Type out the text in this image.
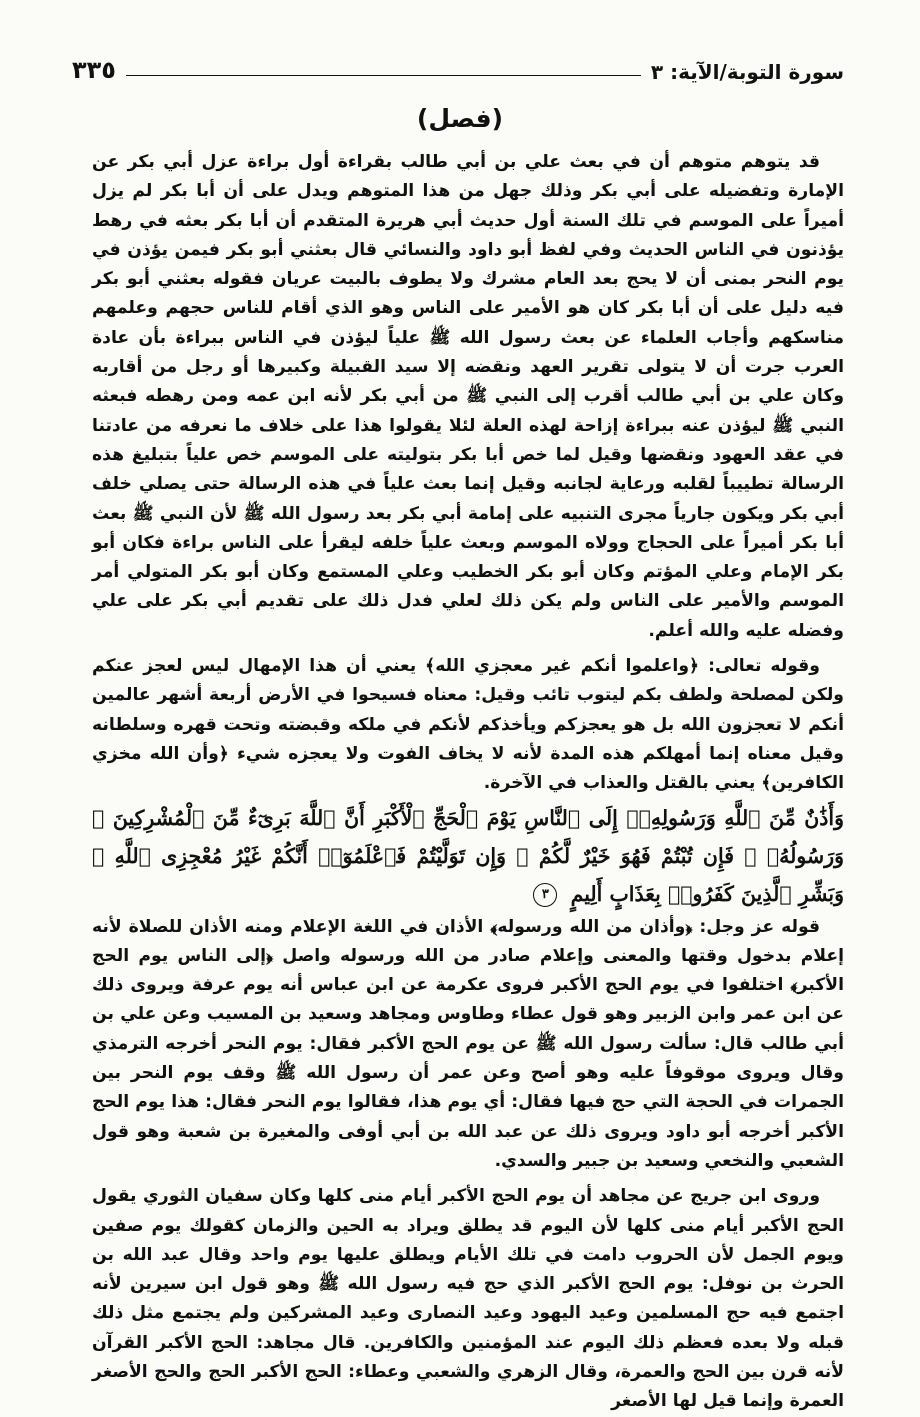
سورة التوبة/الآية: ٣
٣٣٥
(فصل)

قد يتوهم متوهم أن في بعث علي بن أبي طالب بقراءة أول براءة عزل أبي بكر عن الإمارة وتفضيله على أبي بكر وذلك جهل من هذا المتوهم ويدل على أن أبا بكر لم يزل أميراً على الموسم في تلك السنة أول حديث أبي هريرة المتقدم أن أبا بكر بعثه في رهط يؤذنون في الناس الحديث وفي لفظ أبو داود والنسائي قال بعثني أبو بكر فيمن يؤذن في يوم النحر بمنى أن لا يحج بعد العام مشرك ولا يطوف بالبيت عريان فقوله بعثني أبو بكر فيه دليل على أن أبا بكر كان هو الأمير على الناس وهو الذي أقام للناس حجهم وعلمهم مناسكهم وأجاب العلماء عن بعث رسول الله ﷺ علياً ليؤذن في الناس ببراءة بأن عادة العرب جرت أن لا يتولى تقرير العهد ونقضه إلا سيد القبيلة وكبيرها أو رجل من أقاربه وكان علي بن أبي طالب أقرب إلى النبي ﷺ من أبي بكر لأنه ابن عمه ومن رهطه فبعثه النبي ﷺ ليؤذن عنه ببراءة إزاحة لهذه العلة لئلا يقولوا هذا على خلاف ما نعرفه من عادتنا في عقد العهود ونقضها وقيل لما خص أبا بكر بتوليته على الموسم خص علياً بتبليغ هذه الرسالة تطييباً لقلبه ورعاية لجانبه وقيل إنما بعث علياً في هذه الرسالة حتى يصلي خلف أبي بكر ويكون جارياً مجرى التنبيه على إمامة أبي بكر بعد رسول الله ﷺ لأن النبي ﷺ بعث أبا بكر أميراً على الحجاج وولاه الموسم وبعث علياً خلفه ليقرأ على الناس براءة فكان أبو بكر الإمام وعلي المؤتم وكان أبو بكر الخطيب وعلي المستمع وكان أبو بكر المتولي أمر الموسم والأمير على الناس ولم يكن ذلك لعلي فدل ذلك على تقديم أبي بكر على علي وفضله عليه والله أعلم.

وقوله تعالى: ﴿واعلموا أنكم غير معجزي الله﴾ يعني أن هذا الإمهال ليس لعجز عنكم ولكن لمصلحة ولطف بكم ليتوب تائب وقيل: معناه فسيحوا في الأرض أربعة أشهر عالمين أنكم لا تعجزون الله بل هو يعجزكم ويأخذكم لأنكم في ملكه وقبضته وتحت قهره وسلطانه وقيل معناه إنما أمهلكم هذه المدة لأنه لا يخاف الفوت ولا يعجزه شيء ﴿وأن الله مخزي الكافرين﴾ يعني بالقتل والعذاب في الآخرة.

وَأَذَٰنٌ مِّنَ ٱللَّهِ وَرَسُولِهِۦٓ إِلَى ٱلنَّاسِ يَوْمَ ٱلْحَجِّ ٱلْأَكْبَرِ أَنَّ ٱللَّهَ بَرِىٓءٌ مِّنَ ٱلْمُشْرِكِينَ ۙ وَرَسُولُهُۥ ۚ فَإِن تُبْتُمْ فَهُوَ خَيْرٌ لَّكُمْ ۖ وَإِن تَوَلَّيْتُمْ فَٱعْلَمُوٓا۟ أَنَّكُمْ غَيْرُ مُعْجِزِى ٱللَّهِ ۗ وَبَشِّرِ ٱلَّذِينَ كَفَرُوا۟ بِعَذَابٍ أَلِيمٍ ٣

قوله عز وجل: ﴿وأذان من الله ورسوله﴾ الأذان في اللغة الإعلام ومنه الأذان للصلاة لأنه إعلام بدخول وقتها والمعنى وإعلام صادر من الله ورسوله واصل ﴿إلى الناس يوم الحج الأكبر﴾ اختلفوا في يوم الحج الأكبر فروى عكرمة عن ابن عباس أنه يوم عرفة ويروى ذلك عن ابن عمر وابن الزبير وهو قول عطاء وطاوس ومجاهد وسعيد بن المسيب وعن علي بن أبي طالب قال: سألت رسول الله ﷺ عن يوم الحج الأكبر فقال: يوم النحر أخرجه الترمذي وقال ويروى موقوفاً عليه وهو أصح وعن عمر أن رسول الله ﷺ وقف يوم النحر بين الجمرات في الحجة التي حج فيها فقال: أي يوم هذا، فقالوا يوم النحر فقال: هذا يوم الحج الأكبر أخرجه أبو داود ويروى ذلك عن عبد الله بن أبي أوفى والمغيرة بن شعبة وهو قول الشعبي والنخعي وسعيد بن جبير والسدي.

وروى ابن جريج عن مجاهد أن يوم الحج الأكبر أيام منى كلها وكان سفيان الثوري يقول الحج الأكبر أيام منى كلها لأن اليوم قد يطلق ويراد به الحين والزمان كقولك يوم صفين ويوم الجمل لأن الحروب دامت في تلك الأيام ويطلق عليها يوم واحد وقال عبد الله بن الحرث بن نوفل: يوم الحج الأكبر الذي حج فيه رسول الله ﷺ وهو قول ابن سيرين لأنه اجتمع فيه حج المسلمين وعيد اليهود وعيد النصارى وعيد المشركين ولم يجتمع مثل ذلك قبله ولا بعده فعظم ذلك اليوم عند المؤمنين والكافرين. قال مجاهد: الحج الأكبر القرآن لأنه قرن بين الحج والعمرة، وقال الزهري والشعبي وعطاء: الحج الأكبر الحج والحج الأصغر العمرة وإنما قيل لها الأصغر
